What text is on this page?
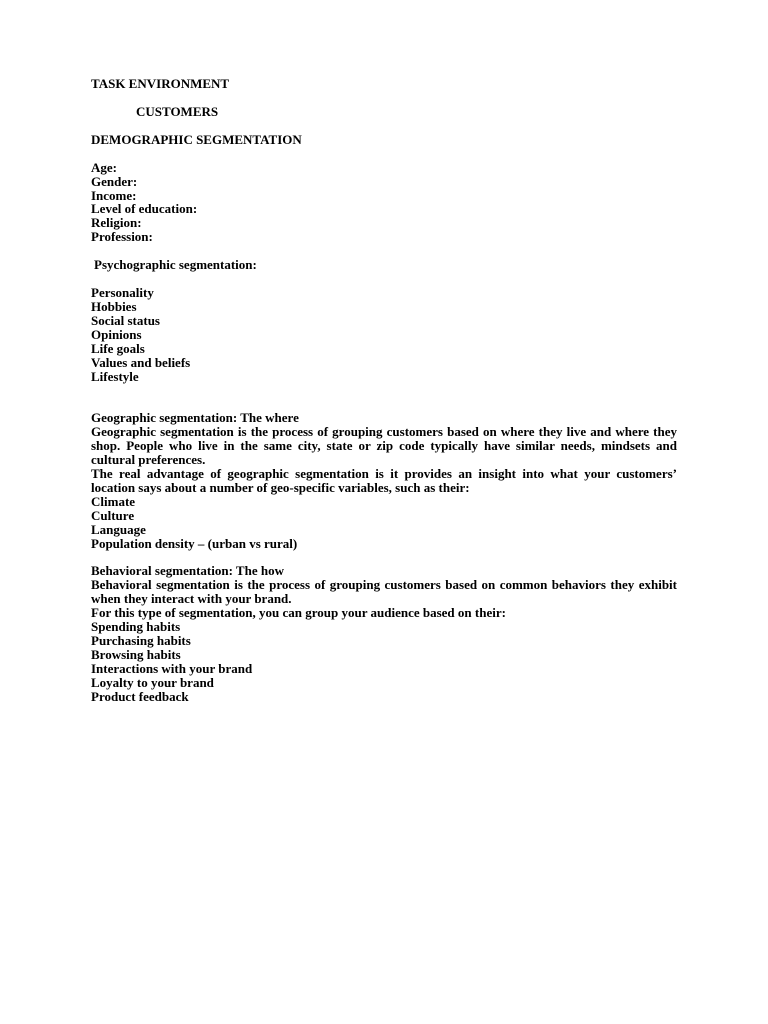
TASK ENVIRONMENT
CUSTOMERS
DEMOGRAPHIC SEGMENTATION
Age:
Gender:
Income:
Level of education:
Religion:
Profession:
Psychographic segmentation:
Personality
Hobbies
Social status
Opinions
Life goals
Values and beliefs
Lifestyle
Geographic segmentation: The where
Geographic segmentation is the process of grouping customers based on where they live and where they shop. People who live in the same city, state or zip code typically have similar needs, mindsets and cultural preferences.
The real advantage of geographic segmentation is it provides an insight into what your customers’ location says about a number of geo-specific variables, such as their:
Climate
Culture
Language
Population density – (urban vs rural)
Behavioral segmentation: The how
Behavioral segmentation is the process of grouping customers based on common behaviors they exhibit when they interact with your brand.
For this type of segmentation, you can group your audience based on their:
Spending habits
Purchasing habits
Browsing habits
Interactions with your brand
Loyalty to your brand
Product feedback
